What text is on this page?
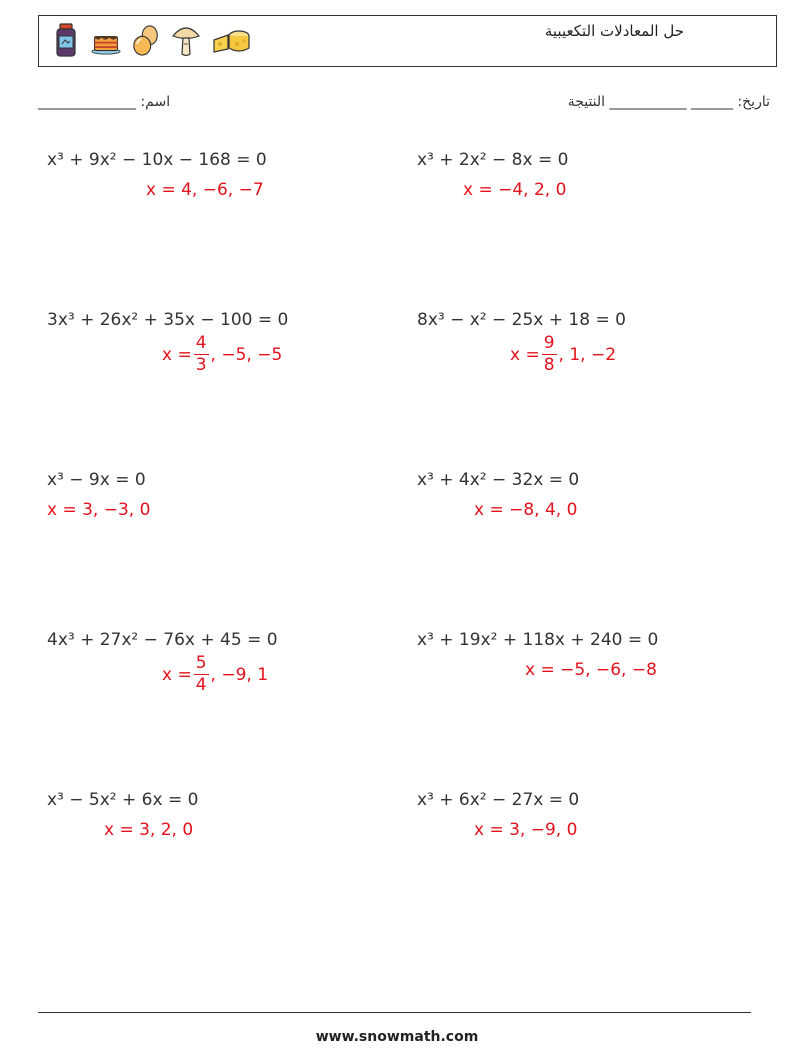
حل المعادلات التكعيبية
اسم: ______________	تاريخ: ______ ___________ النتيجة
x³ + 9x² − 10x − 168 = 0
x = 4, −6, −7
x³ + 2x² − 8x = 0
x = −4, 2, 0
3x³ + 26x² + 35x − 100 = 0
$x = \frac{4}{3}$ , −5, −5
8x³ − x² − 25x + 18 = 0
$x = \frac{9}{8}$ , 1, −2
x³ − 9x = 0
x = 3, −3, 0
x³ + 4x² − 32x = 0
x = −8, 4, 0
4x³ + 27x² − 76x + 45 = 0
$x = \frac{5}{4}$ , −9, 1
x³ + 19x² + 118x + 240 = 0
x = −5, −6, −8
x³ − 5x² + 6x = 0
x = 3, 2, 0
x³ + 6x² − 27x = 0
x = 3, −9, 0
www.snowmath.com
